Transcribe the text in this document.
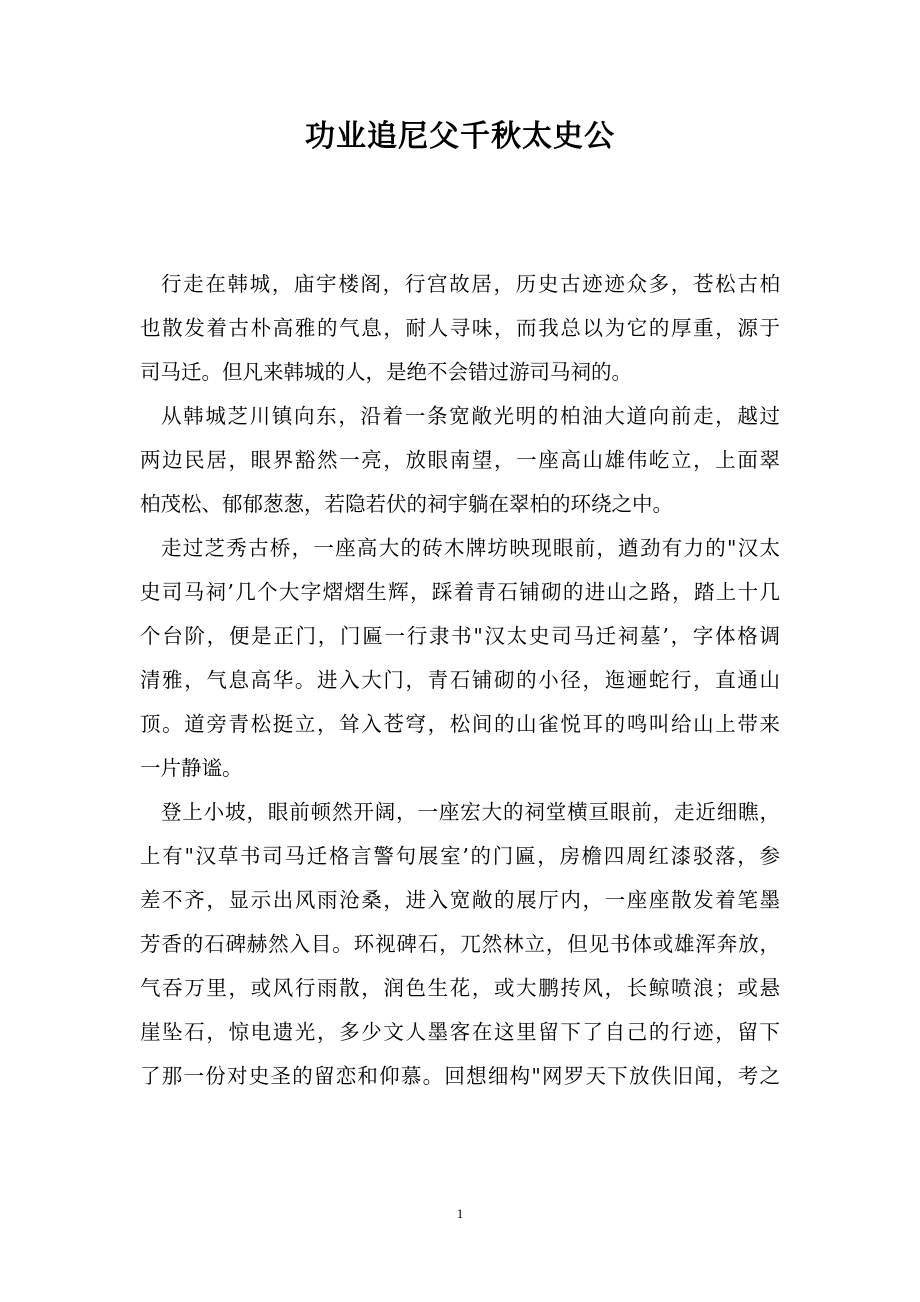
功业追尼父千秋太史公
行走在韩城，庙宇楼阁，行宫故居，历史古迹迹众多，苍松古柏
也散发着古朴高雅的气息，耐人寻味，而我总以为它的厚重，源于
司马迁。但凡来韩城的人，是绝不会错过游司马祠的。
从韩城芝川镇向东，沿着一条宽敞光明的柏油大道向前走，越过
两边民居，眼界豁然一亮，放眼南望，一座高山雄伟屹立，上面翠
柏茂松、郁郁葱葱，若隐若伏的祠宇躺在翠柏的环绕之中。
走过芝秀古桥，一座高大的砖木牌坊映现眼前，遒劲有力的"汉太
史司马祠’几个大字熠熠生辉，踩着青石铺砌的进山之路，踏上十几
个台阶，便是正门，门匾一行隶书"汉太史司马迁祠墓’，字体格调
清雅，气息高华。进入大门，青石铺砌的小径，迤逦蛇行，直通山
顶。道旁青松挺立，耸入苍穹，松间的山雀悦耳的鸣叫给山上带来
一片静谧。
登上小坡，眼前顿然开阔，一座宏大的祠堂横亘眼前，走近细瞧，
上有"汉草书司马迁格言警句展室’的门匾，房檐四周红漆驳落，参
差不齐，显示出风雨沧桑，进入宽敞的展厅内，一座座散发着笔墨
芳香的石碑赫然入目。环视碑石，兀然林立，但见书体或雄浑奔放，
气吞万里，或风行雨散，润色生花，或大鹏抟风，长鲸喷浪；或悬
崖坠石，惊电遗光，多少文人墨客在这里留下了自己的行迹，留下
了那一份对史圣的留恋和仰慕。回想细构"网罗天下放佚旧闻，考之
1
